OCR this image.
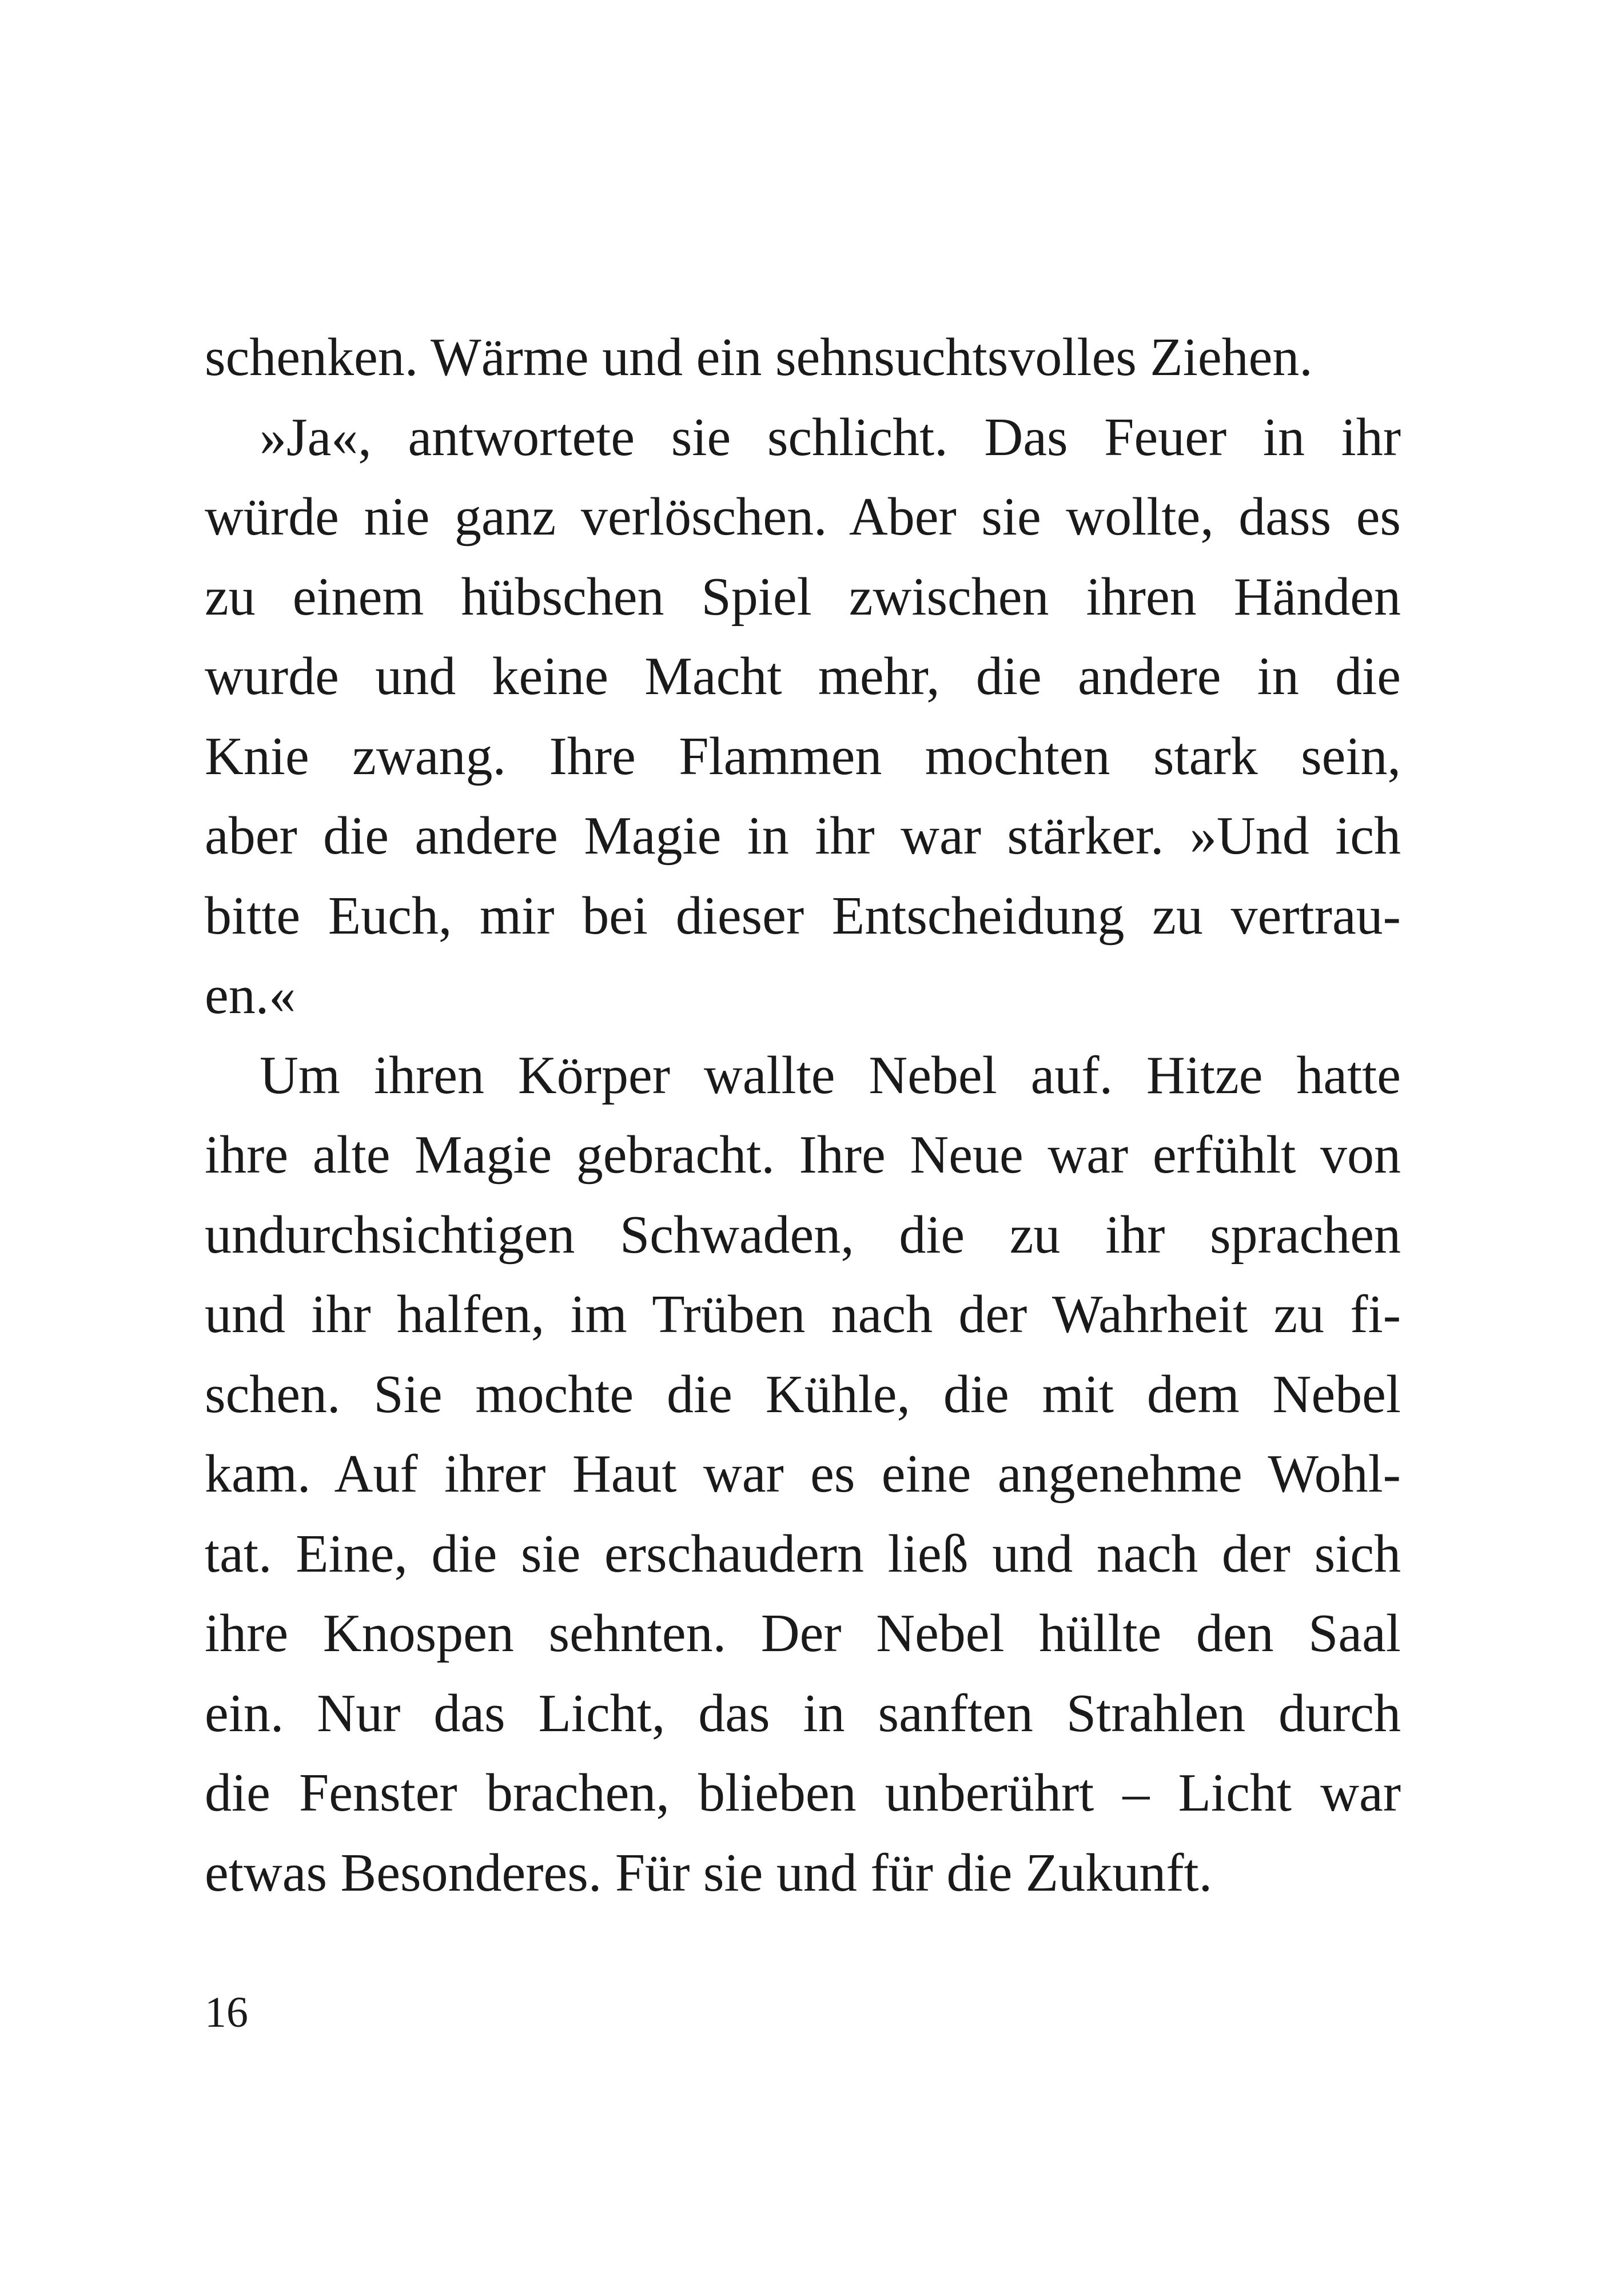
schenken. Wärme und ein sehnsuchtsvolles Ziehen.
»Ja«, antwortete sie schlicht. Das Feuer in ihr
würde nie ganz verlöschen. Aber sie wollte, dass es
zu einem hübschen Spiel zwischen ihren Händen
wurde und keine Macht mehr, die andere in die
Knie zwang. Ihre Flammen mochten stark sein,
aber die andere Magie in ihr war stärker. »Und ich
bitte Euch, mir bei dieser Entscheidung zu vertrau-
en.«
Um ihren Körper wallte Nebel auf. Hitze hatte
ihre alte Magie gebracht. Ihre Neue war erfühlt von
undurchsichtigen Schwaden, die zu ihr sprachen
und ihr halfen, im Trüben nach der Wahrheit zu fi-
schen. Sie mochte die Kühle, die mit dem Nebel
kam. Auf ihrer Haut war es eine angenehme Wohl-
tat. Eine, die sie erschaudern ließ und nach der sich
ihre Knospen sehnten. Der Nebel hüllte den Saal
ein. Nur das Licht, das in sanften Strahlen durch
die Fenster brachen, blieben unberührt – Licht war
etwas Besonderes. Für sie und für die Zukunft.
16
